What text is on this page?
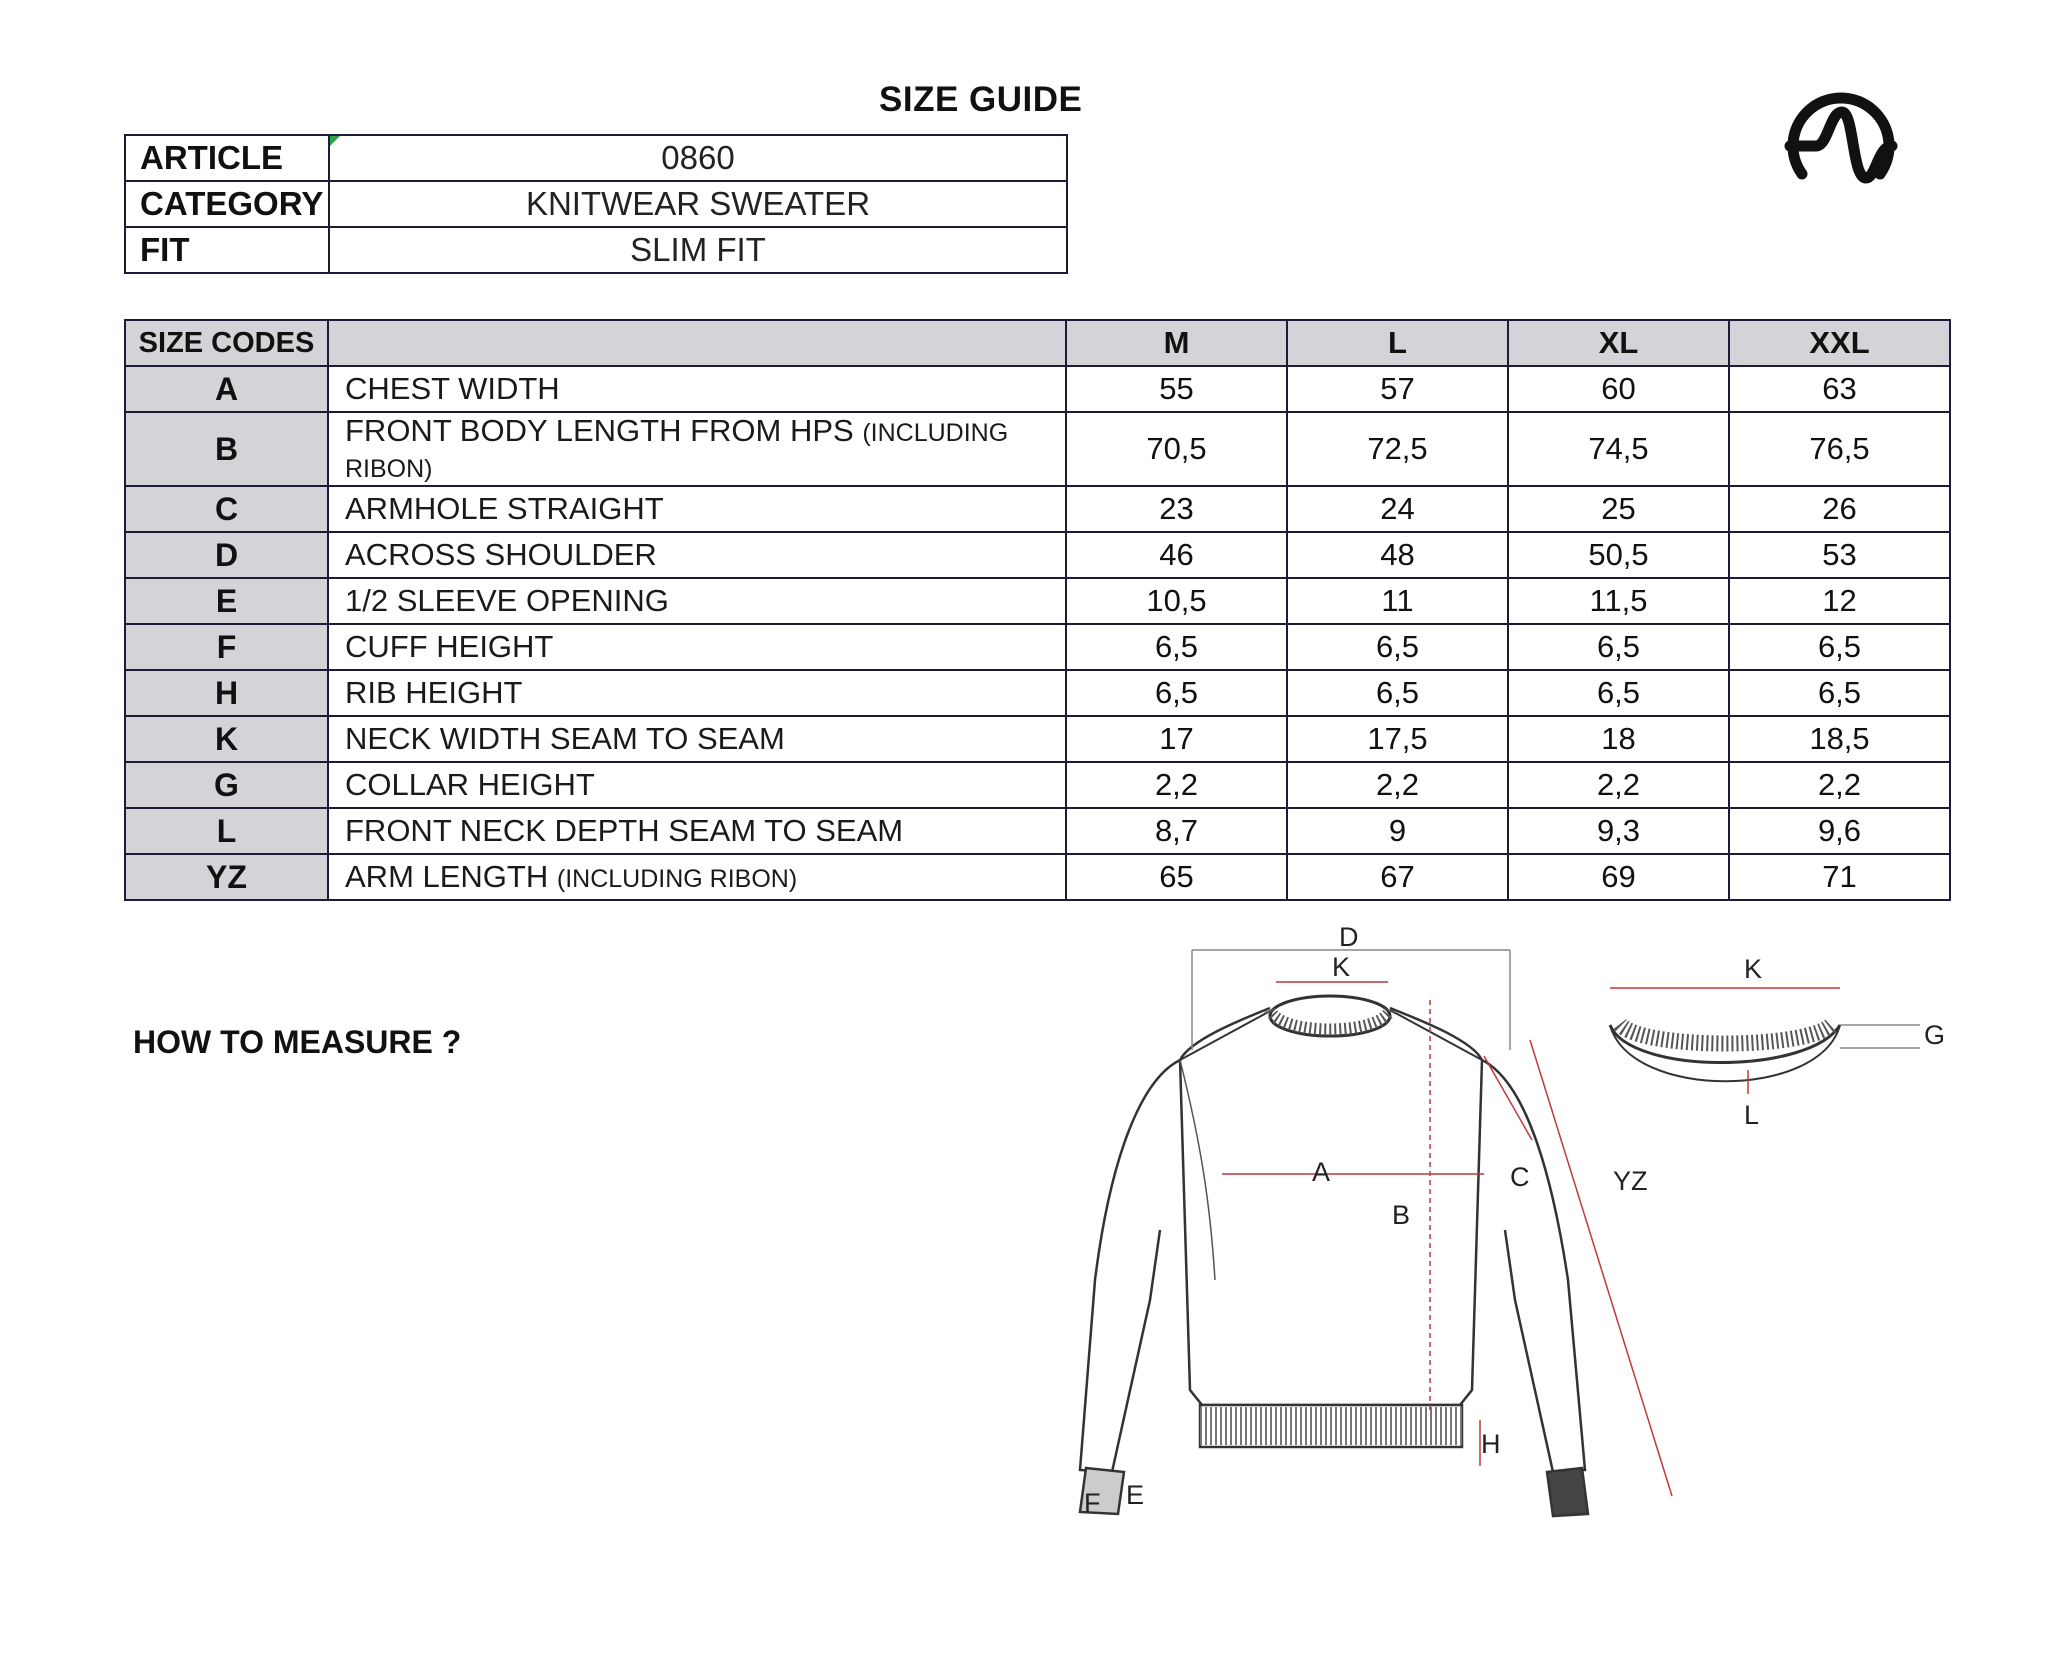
SIZE GUIDE
ARTICLE	0860
CATEGORY	KNITWEAR SWEATER
FIT	SLIM FIT
SIZE CODES		M	L	XL	XXL
A	CHEST WIDTH	55	57	60	63
B	FRONT BODY LENGTH FROM HPS (INCLUDING RIBON)	70,5	72,5	74,5	76,5
C	ARMHOLE STRAIGHT	23	24	25	26
D	ACROSS SHOULDER	46	48	50,5	53
E	1/2 SLEEVE OPENING	10,5	11	11,5	12
F	CUFF HEIGHT	6,5	6,5	6,5	6,5
H	RIB HEIGHT	6,5	6,5	6,5	6,5
K	NECK WIDTH SEAM TO SEAM	17	17,5	18	18,5
G	COLLAR HEIGHT	2,2	2,2	2,2	2,2
L	FRONT NECK DEPTH SEAM TO SEAM	8,7	9	9,3	9,6
YZ	ARM LENGTH (INCLUDING RIBON)	65	67	69	71
HOW TO MEASURE ?
D
K
A
B
C	YZ
H
F E
K
G
L
